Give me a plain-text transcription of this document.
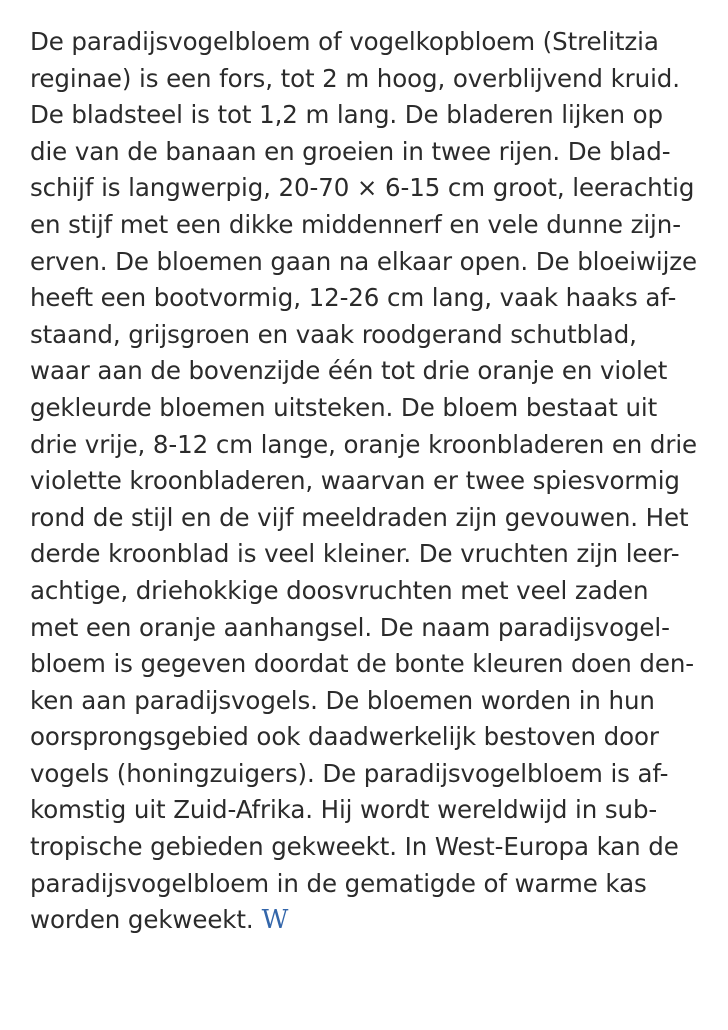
De paradijsvogelbloem of vogelkopbloem (Strelitzia
reginae) is een fors, tot 2 m hoog, overblijvend kruid.
De bladsteel is tot 1,2 m lang. De bladeren lijken op
die van de banaan en groeien in twee rijen. De blad-
schijf is langwerpig, 20-70 × 6-15 cm groot, leerachtig
en stijf met een dikke middennerf en vele dunne zijn-
erven. De bloemen gaan na elkaar open. De bloeiwijze
heeft een bootvormig, 12-26 cm lang, vaak haaks af-
staand, grijsgroen en vaak roodgerand schutblad,
waar aan de bovenzijde één tot drie oranje en violet
gekleurde bloemen uitsteken. De bloem bestaat uit
drie vrije, 8-12 cm lange, oranje kroonbladeren en drie
violette kroonbladeren, waarvan er twee spiesvormig
rond de stijl en de vijf meeldraden zijn gevouwen. Het
derde kroonblad is veel kleiner. De vruchten zijn leer-
achtige, driehokkige doosvruchten met veel zaden
met een oranje aanhangsel. De naam paradijsvogel-
bloem is gegeven doordat de bonte kleuren doen den-
ken aan paradijsvogels. De bloemen worden in hun
oorsprongsgebied ook daadwerkelijk bestoven door
vogels (honingzuigers). De paradijsvogelbloem is af-
komstig uit Zuid-Afrika. Hij wordt wereldwijd in sub-
tropische gebieden gekweekt. In West-Europa kan de
paradijsvogelbloem in de gematigde of warme kas
worden gekweekt. W
